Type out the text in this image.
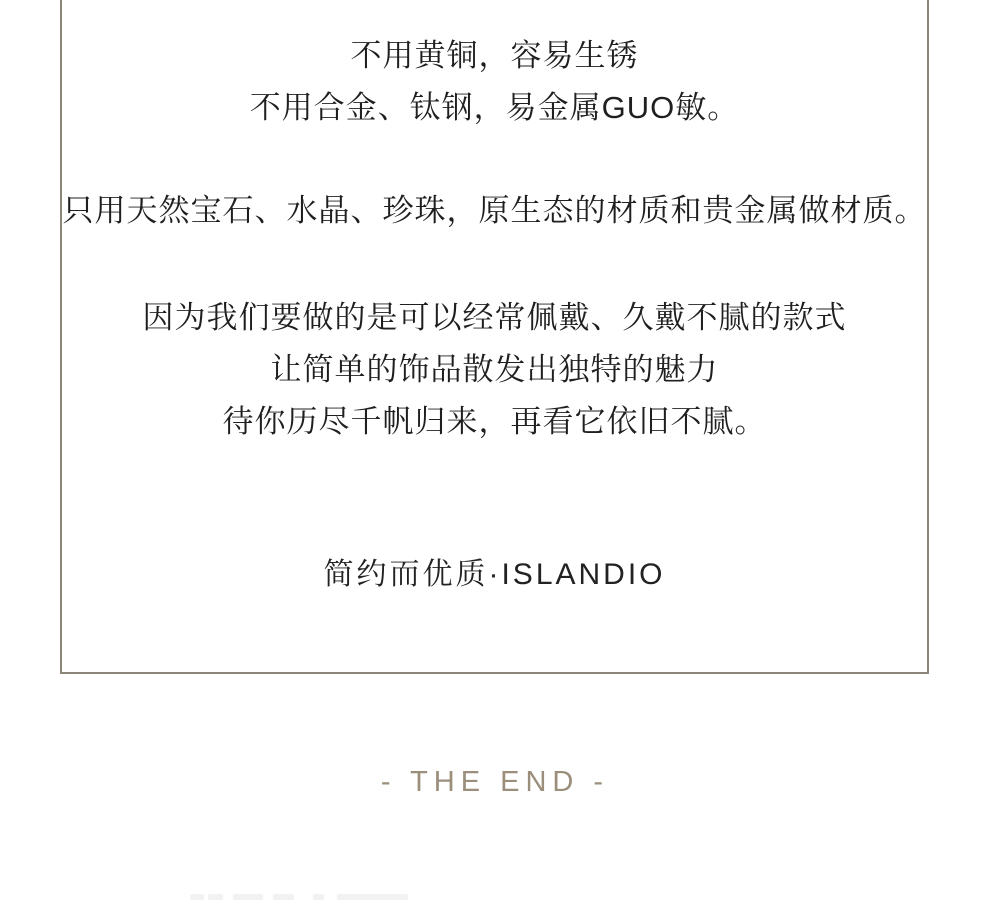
不用黄铜，容易生锈
不用合金、钛钢，易金属GUO敏。
只用天然宝石、水晶、珍珠，原生态的材质和贵金属做材质。
因为我们要做的是可以经常佩戴、久戴不腻的款式
让简单的饰品散发出独特的魅力
待你历尽千帆归来，再看它依旧不腻。
简约而优质·ISLANDIO
- THE END -
